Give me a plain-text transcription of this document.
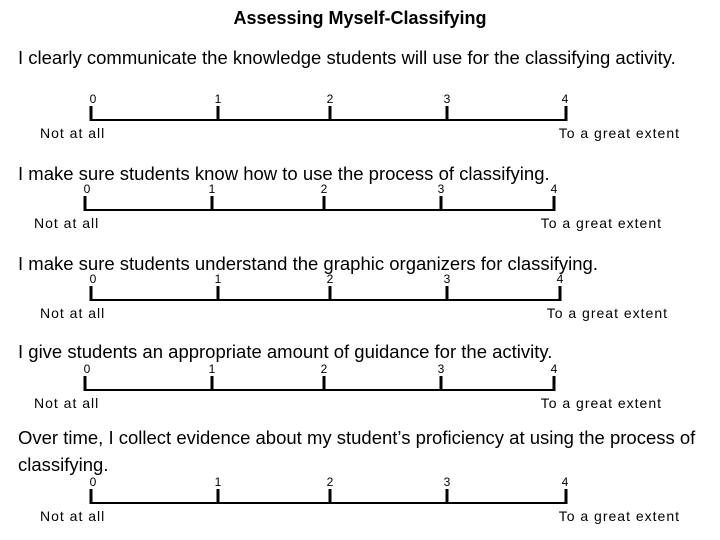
Assessing Myself-Classifying
I clearly communicate the knowledge students will use for the classifying activity.
0	1	2	3	4
Not at all	To a great extent
I make sure students know how to use the process of classifying.
0	1	2	3	4
Not at all	To a great extent
I make sure students understand the graphic organizers for classifying.
0	1	2	3	4
Not at all	To a great extent
I give students an appropriate amount of guidance for the activity.
0	1	2	3	4
Not at all	To a great extent
Over time, I collect evidence about my student’s proficiency at using the process of classifying.
0	1	2	3	4
Not at all	To a great extent
